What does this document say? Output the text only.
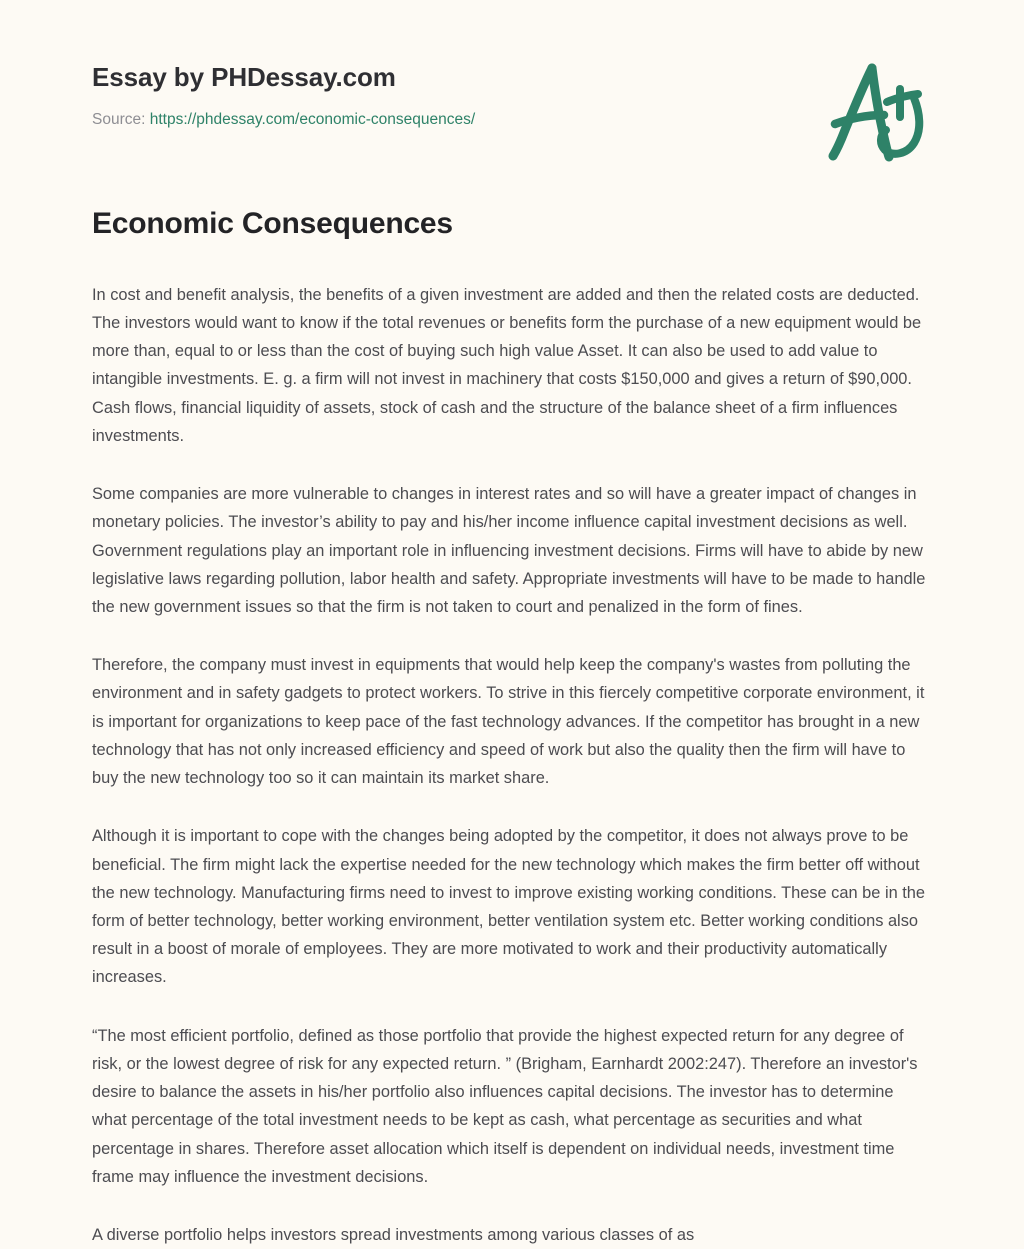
Essay by PHDessay.com
Source: https://phdessay.com/economic-consequences/
Economic Consequences

In cost and benefit analysis, the benefits of a given investment are added and then the related costs are deducted. The investors would want to know if the total revenues or benefits form the purchase of a new equipment would be more than, equal to or less than the cost of buying such high value Asset. It can also be used to add value to intangible investments. E. g. a firm will not invest in machinery that costs $150,000 and gives a return of $90,000. Cash flows, financial liquidity of assets, stock of cash and the structure of the balance sheet of a firm influences investments.

Some companies are more vulnerable to changes in interest rates and so will have a greater impact of changes in monetary policies. The investor’s ability to pay and his/her income influence capital investment decisions as well. Government regulations play an important role in influencing investment decisions. Firms will have to abide by new legislative laws regarding pollution, labor health and safety. Appropriate investments will have to be made to handle the new government issues so that the firm is not taken to court and penalized in the form of fines.

Therefore, the company must invest in equipments that would help keep the company's wastes from polluting the environment and in safety gadgets to protect workers. To strive in this fiercely competitive corporate environment, it is important for organizations to keep pace of the fast technology advances. If the competitor has brought in a new technology that has not only increased efficiency and speed of work but also the quality then the firm will have to buy the new technology too so it can maintain its market share.

Although it is important to cope with the changes being adopted by the competitor, it does not always prove to be beneficial. The firm might lack the expertise needed for the new technology which makes the firm better off without the new technology. Manufacturing firms need to invest to improve existing working conditions. These can be in the form of better technology, better working environment, better ventilation system etc. Better working conditions also result in a boost of morale of employees. They are more motivated to work and their productivity automatically increases.

“The most efficient portfolio, defined as those portfolio that provide the highest expected return for any degree of risk, or the lowest degree of risk for any expected return. ” (Brigham, Earnhardt 2002:247). Therefore an investor's desire to balance the assets in his/her portfolio also influences capital decisions. The investor has to determine what percentage of the total investment needs to be kept as cash, what percentage as securities and what percentage in shares. Therefore asset allocation which itself is dependent on individual needs, investment time frame may influence the investment decisions.

A diverse portfolio helps investors spread investments among various classes of as
